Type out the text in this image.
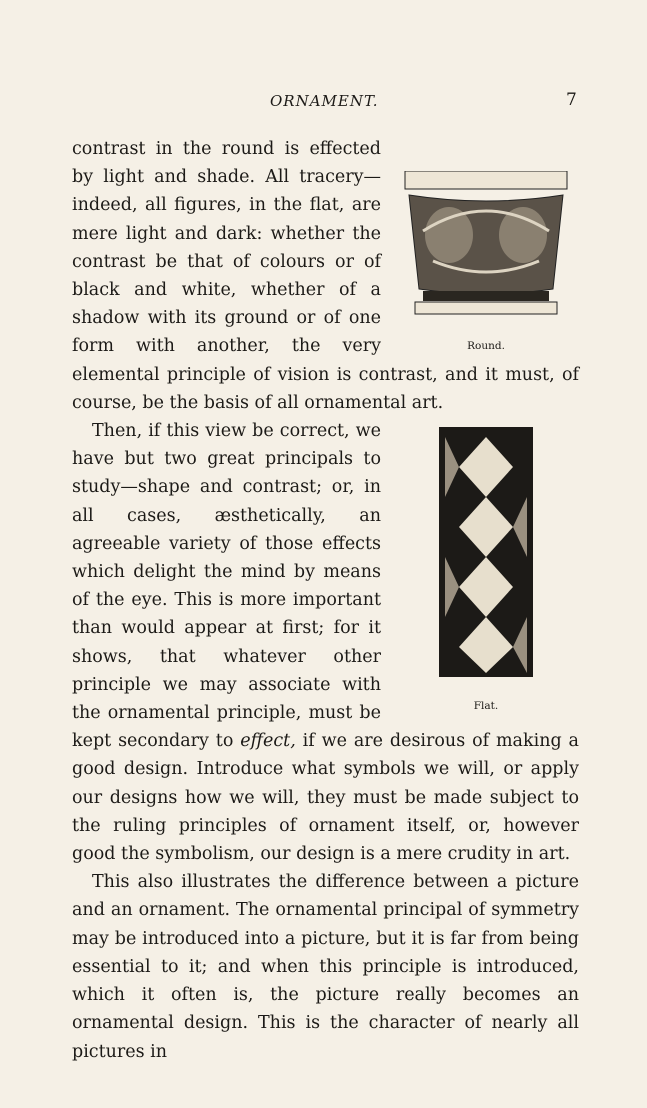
ORNAMENT.	7
Round.

contrast in the round is effected by light and shade. All tracery—indeed, all figures, in the flat, are mere light and dark: whether the contrast be that of colours or of black and white, whether of a shadow with its ground or of one form with another, the very elemental principle of vision is contrast, and it must, of course, be the basis of all ornamental art.

Flat.

Then, if this view be correct, we have but two great principals to study—shape and contrast; or, in all cases, æsthetically, an agreeable variety of those effects which delight the mind by means of the eye. This is more important than would appear at first; for it shows, that whatever other principle we may associate with the ornamental principle, must be kept secondary to effect, if we are desirous of making a good design. Introduce what symbols we will, or apply our designs how we will, they must be made subject to the ruling principles of ornament itself, or, however good the symbolism, our design is a mere crudity in art.

This also illustrates the difference between a picture and an ornament. The ornamental principal of symmetry may be introduced into a picture, but it is far from being essential to it; and when this principle is introduced, which it often is, the picture really becomes an ornamental design. This is the character of nearly all pictures in
